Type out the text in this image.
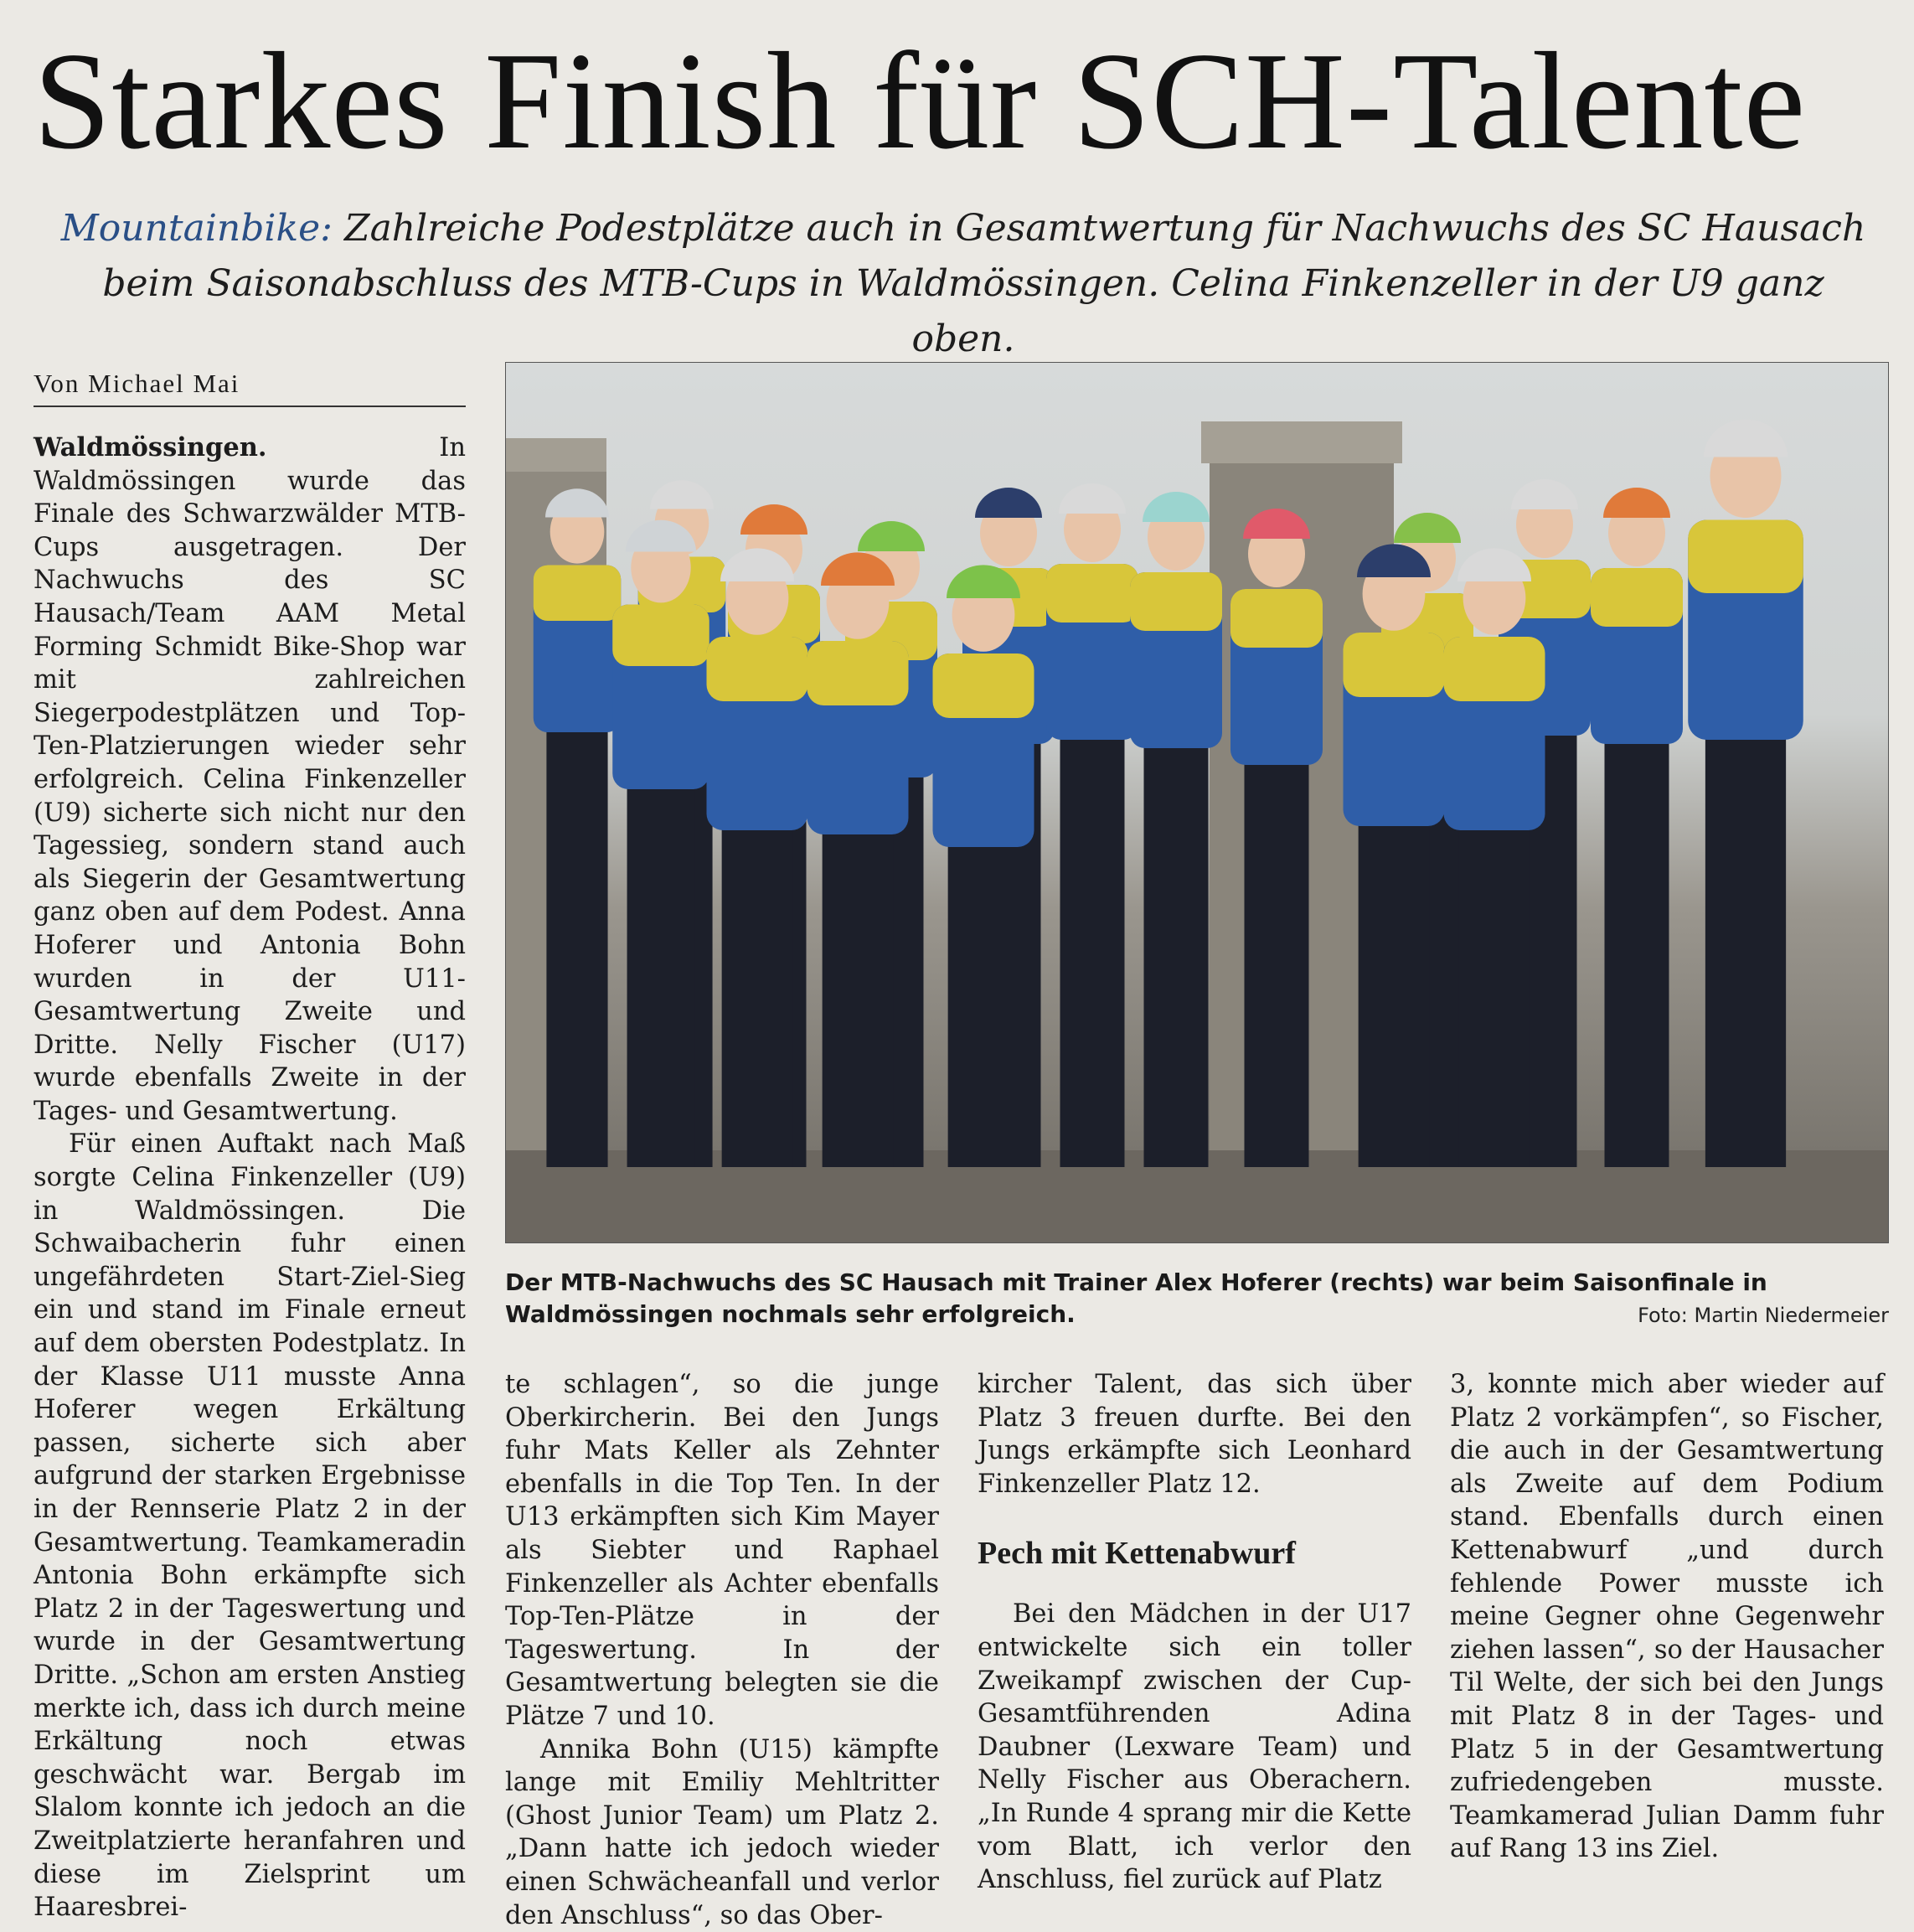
Starkes Finish für SCH-Talente
Mountainbike: Zahlreiche Podestplätze auch in Gesamtwertung für Nachwuchs des SC Hausach
beim Saisonabschluss des MTB-Cups in Waldmössingen. Celina Finkenzeller in der U9 ganz oben.
Von Michael Mai

Waldmössingen. In Waldmössingen wurde das Finale des Schwarzwälder MTB-Cups ausgetragen. Der Nachwuchs des SC Hausach/Team AAM Metal Forming Schmidt Bike-Shop war mit zahlreichen Siegerpodestplätzen und Top-Ten-Platzierungen wieder sehr erfolgreich. Celina Finkenzeller (U9) sicherte sich nicht nur den Tagessieg, sondern stand auch als Siegerin der Gesamtwertung ganz oben auf dem Podest. Anna Hoferer und Antonia Bohn wurden in der U11-Gesamtwertung Zweite und Dritte. Nelly Fischer (U17) wurde ebenfalls Zweite in der Tages- und Gesamtwertung.

Für einen Auftakt nach Maß sorgte Celina Finkenzeller (U9) in Waldmössingen. Die Schwaibacherin fuhr einen ungefährdeten Start-Ziel-Sieg ein und stand im Finale erneut auf dem obersten Podestplatz. In der Klasse U11 musste Anna Hoferer wegen Erkältung passen, sicherte sich aber aufgrund der starken Ergebnisse in der Rennserie Platz 2 in der Gesamtwertung. Teamkameradin Antonia Bohn erkämpfte sich Platz 2 in der Tageswertung und wurde in der Gesamtwertung Dritte. „Schon am ersten Anstieg merkte ich, dass ich durch meine Erkältung noch etwas geschwächt war. Bergab im Slalom konnte ich jedoch an die Zweitplatzierte heranfahren und diese im Zielsprint um Haaresbrei-

Der MTB-Nachwuchs des SC Hausach mit Trainer Alex Hoferer (rechts) war beim Saisonfinale in Waldmössingen nochmals sehr erfolgreich.	Foto: Martin Niedermeier

te schlagen“, so die junge Oberkircherin. Bei den Jungs fuhr Mats Keller als Zehnter ebenfalls in die Top Ten. In der U13 erkämpften sich Kim Mayer als Siebter und Raphael Finkenzeller als Achter ebenfalls Top-Ten-Plätze in der Tageswertung. In der Gesamtwertung belegten sie die Plätze 7 und 10.

Annika Bohn (U15) kämpfte lange mit Emiliy Mehltritter (Ghost Junior Team) um Platz 2. „Dann hatte ich jedoch wieder einen Schwächeanfall und verlor den Anschluss“, so das Ober-

kircher Talent, das sich über Platz 3 freuen durfte. Bei den Jungs erkämpfte sich Leonhard Finkenzeller Platz 12.

Pech mit Kettenabwurf

Bei den Mädchen in der U17 entwickelte sich ein toller Zweikampf zwischen der Cup-Gesamtführenden Adina Daubner (Lexware Team) und Nelly Fischer aus Oberachern. „In Runde 4 sprang mir die Kette vom Blatt, ich verlor den Anschluss, fiel zurück auf Platz

3, konnte mich aber wieder auf Platz 2 vorkämpfen“, so Fischer, die auch in der Gesamtwertung als Zweite auf dem Podium stand. Ebenfalls durch einen Kettenabwurf „und durch fehlende Power musste ich meine Gegner ohne Gegenwehr ziehen lassen“, so der Hausacher Til Welte, der sich bei den Jungs mit Platz 8 in der Tages- und Platz 5 in der Gesamtwertung zufriedengeben musste. Teamkamerad Julian Damm fuhr auf Rang 13 ins Ziel.
